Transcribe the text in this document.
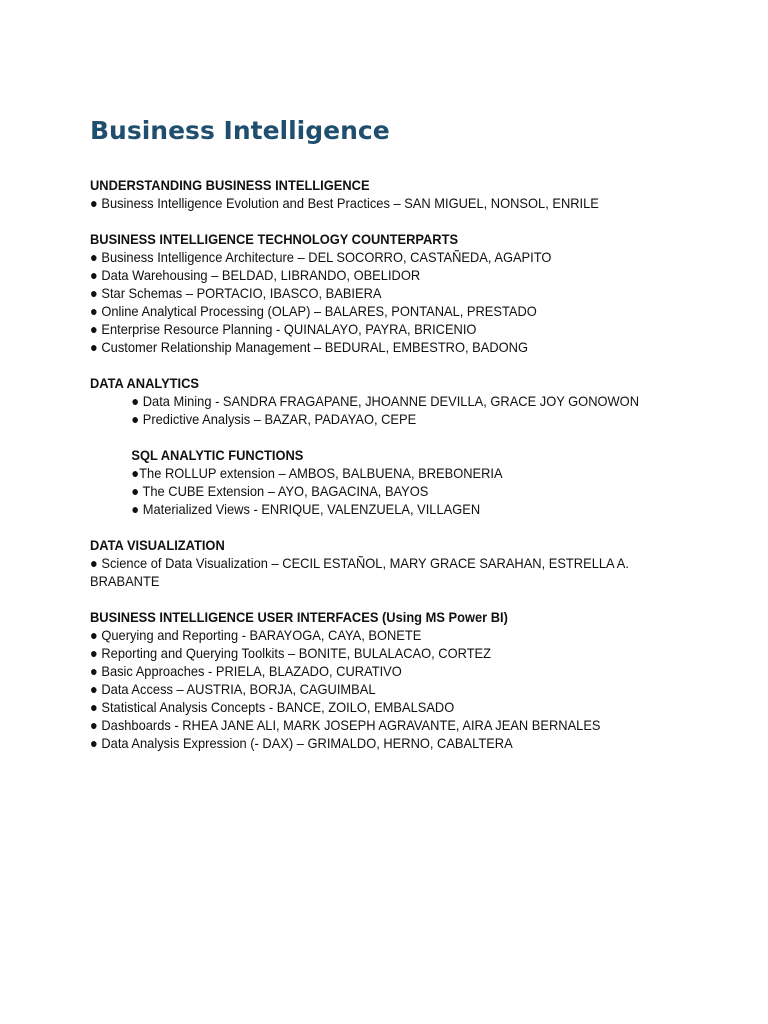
Business Intelligence
UNDERSTANDING BUSINESS INTELLIGENCE
● Business Intelligence Evolution and Best Practices – SAN MIGUEL, NONSOL, ENRILE
BUSINESS INTELLIGENCE TECHNOLOGY COUNTERPARTS
● Business Intelligence Architecture – DEL SOCORRO, CASTAÑEDA, AGAPITO
● Data Warehousing – BELDAD, LIBRANDO, OBELIDOR
● Star Schemas – PORTACIO, IBASCO, BABIERA
● Online Analytical Processing (OLAP) – BALARES, PONTANAL, PRESTADO
● Enterprise Resource Planning - QUINALAYO, PAYRA, BRICENIO
● Customer Relationship Management – BEDURAL, EMBESTRO, BADONG
DATA ANALYTICS
● Data Mining - SANDRA FRAGAPANE, JHOANNE DEVILLA, GRACE JOY GONOWON
● Predictive Analysis – BAZAR, PADAYAO, CEPE
SQL ANALYTIC FUNCTIONS
●The ROLLUP extension – AMBOS, BALBUENA, BREBONERIA
● The CUBE Extension – AYO, BAGACINA, BAYOS
● Materialized Views - ENRIQUE, VALENZUELA, VILLAGEN
DATA VISUALIZATION
● Science of Data Visualization – CECIL ESTAÑOL, MARY GRACE SARAHAN, ESTRELLA A. BRABANTE
BUSINESS INTELLIGENCE USER INTERFACES (Using MS Power BI)
● Querying and Reporting - BARAYOGA, CAYA, BONETE
● Reporting and Querying Toolkits – BONITE, BULALACAO, CORTEZ
● Basic Approaches - PRIELA, BLAZADO, CURATIVO
● Data Access – AUSTRIA, BORJA, CAGUIMBAL
● Statistical Analysis Concepts - BANCE, ZOILO, EMBALSADO
● Dashboards - RHEA JANE ALI, MARK JOSEPH AGRAVANTE, AIRA JEAN BERNALES
● Data Analysis Expression (- DAX) – GRIMALDO, HERNO, CABALTERA
